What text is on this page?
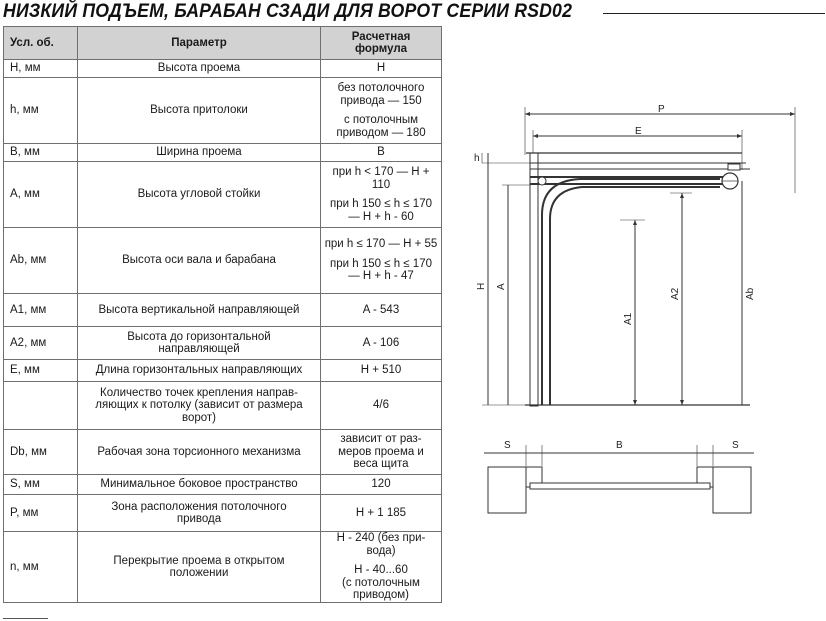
НИЗКИЙ ПОДЪЕМ, БАРАБАН СЗАДИ ДЛЯ ВОРОТ СЕРИИ RSD02
Усл. об.	Параметр	Расчетная
формула

H, мм	Высота проема	H

h, мм	Высота притолоки	без потолочного привода — 150
с потолочным приводом — 180

B, мм	Ширина проема	B

A, мм	Высота угловой стойки	при h < 170 — H + 110
при h 150 ≤ h ≤ 170 — H + h - 60

Ab, мм	Высота оси вала и барабана	при h ≤ 170 — H + 55
при h 150 ≤ h ≤ 170 — H + h - 47

A1, мм	Высота вертикальной направляющей	A - 543

A2, мм	Высота до горизонтальной
направляющей	A - 106

E, мм	Длина горизонтальных направляющих	H + 510

	Количество точек крепления направ-
ляющих к потолку (зависит от размера
ворот)	4/6

Db, мм	Рабочая зона торсионного механизма	зависит от раз-
меров проема и
веса щита

S, мм	Минимальное боковое пространство	120

P, мм	Зона расположения потолочного
привода	H + 1 185

n, мм	Перекрытие проема в открытом
положении	H - 240 (без при-
вода)
H - 40...60
(с потолочным
приводом)
P
E
h
H A
A1
A2	Ab
S	B	S
